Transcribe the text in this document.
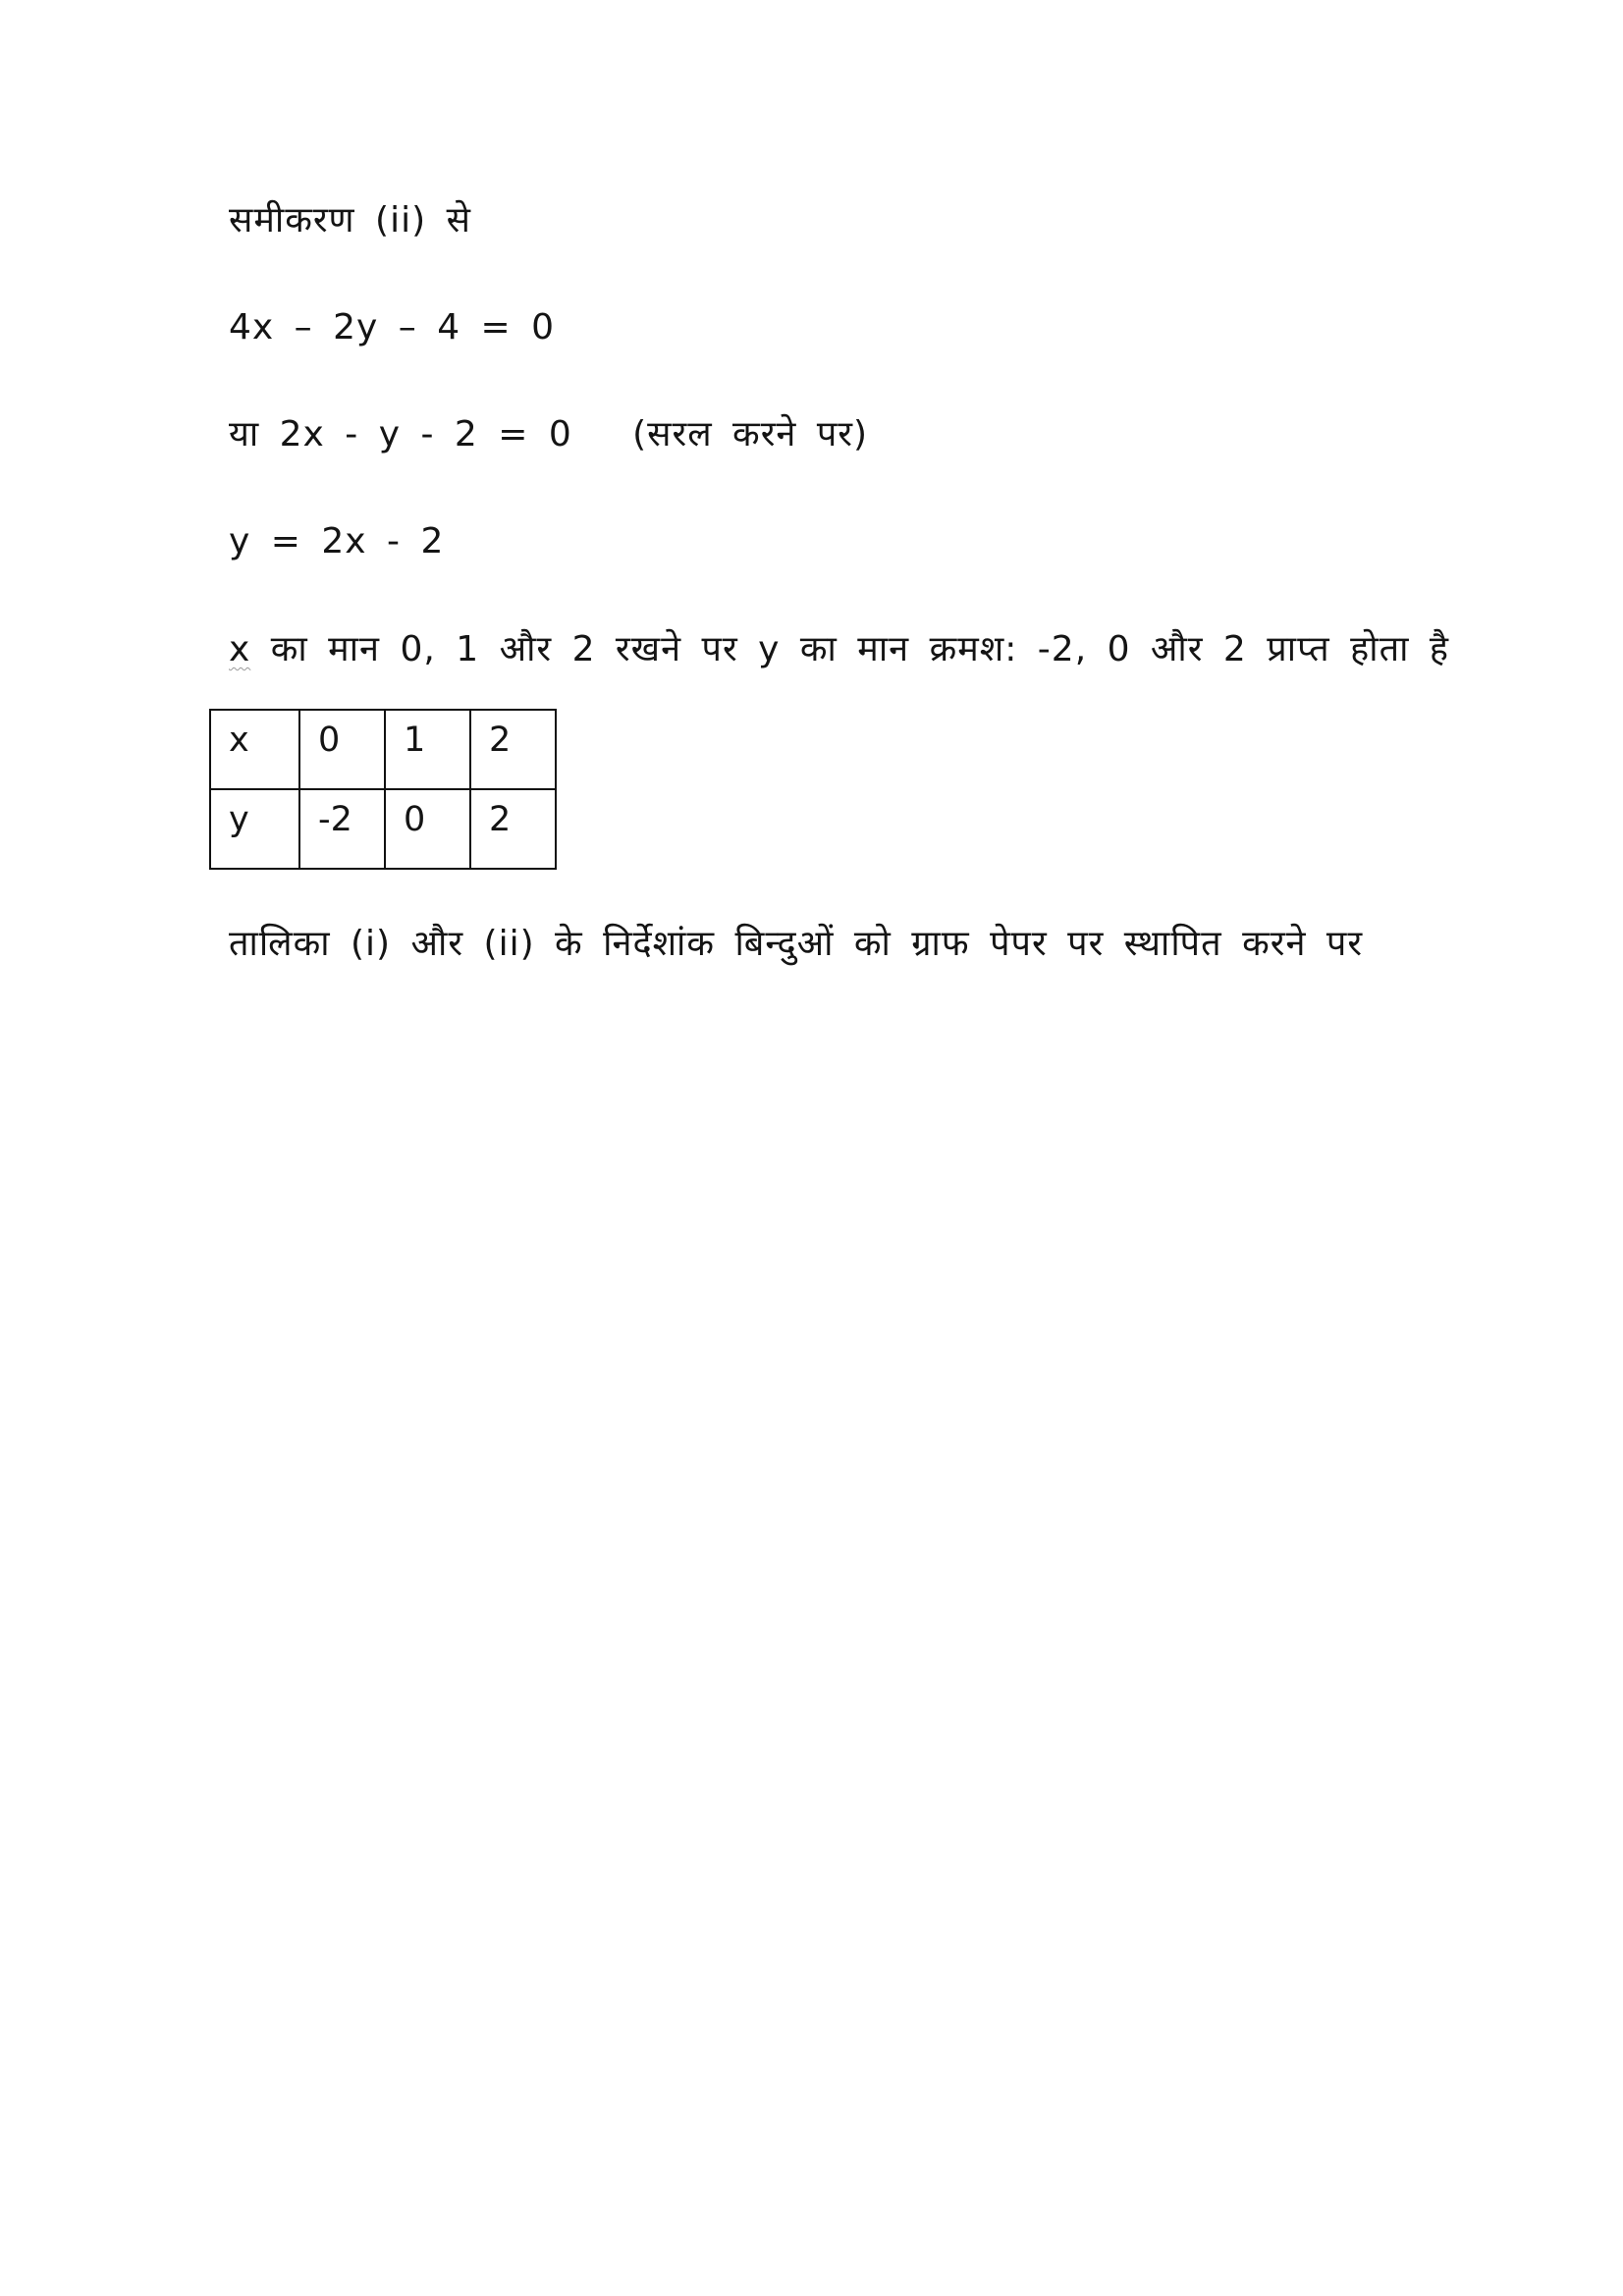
समीकरण (ii) से
4x – 2y – 4 = 0
या 2x - y - 2 = 0   (सरल करने पर)
y = 2x - 2
x का मान 0, 1 और 2 रखने पर y का मान क्रमश: -2, 0 और 2 प्राप्त होता है
x	0	1	2
y	-2	0	2
तालिका (i) और (ii) के निर्देशांक बिन्दुओं को ग्राफ पेपर पर स्थापित करने पर
